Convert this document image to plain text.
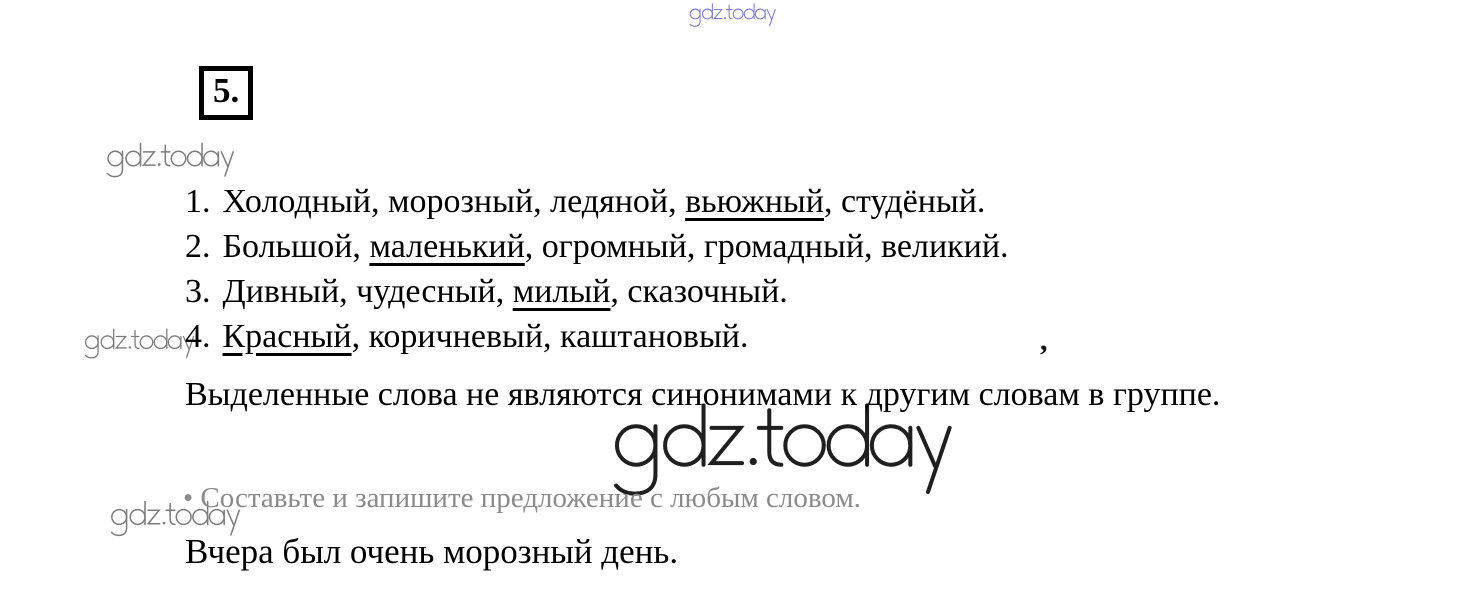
5.
1. Холодный, морозный, ледяной, вьюжный, студёный.
2. Большой, маленький, огромный, громадный, великий.
3. Дивный, чудесный, милый, сказочный.
4. Красный, коричневый, каштановый.	,

Выделенные слова не являются синонимами к другим словам в группе.

• Составьте и запишите предложение с любым словом.
Вчера был очень морозный день.
